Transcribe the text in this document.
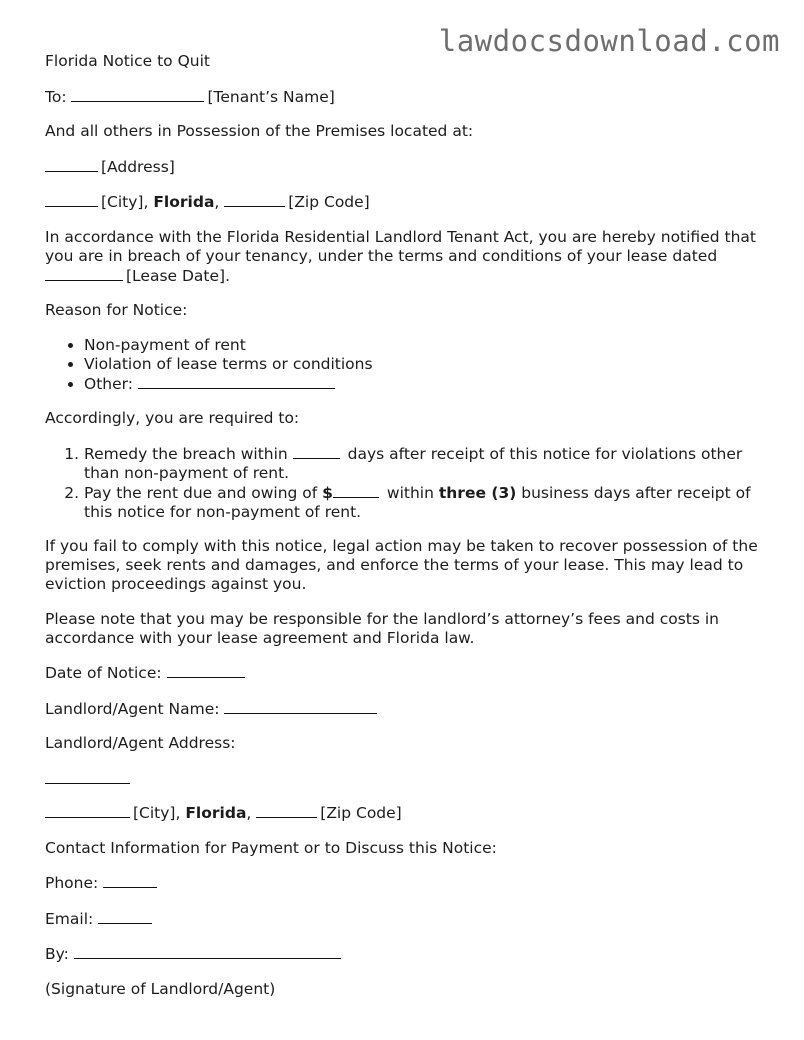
lawdocsdownload.com
Florida Notice to Quit
To:	[Tenant’s Name]
And all others in Possession of the Premises located at:
[Address]
[City], Florida,	[Zip Code]
In accordance with the Florida Residential Landlord Tenant Act, you are hereby notified that you are in breach of your tenancy, under the terms and conditions of your lease dated [Lease Date].
Reason for Notice:
• Non-payment of rent
• Violation of lease terms or conditions
• Other:
Accordingly, you are required to:
1. Remedy the breach within	days after receipt of this notice for violations other than non-payment of rent.
2. Pay the rent due and owing of $	within three (3) business days after receipt of this notice for non-payment of rent.
If you fail to comply with this notice, legal action may be taken to recover possession of the premises, seek rents and damages, and enforce the terms of your lease. This may lead to eviction proceedings against you.
Please note that you may be responsible for the landlord’s attorney’s fees and costs in accordance with your lease agreement and Florida law.
Date of Notice:
Landlord/Agent Name:
Landlord/Agent Address:
[City], Florida,	[Zip Code]
Contact Information for Payment or to Discuss this Notice:
Phone:
Email:
By:
(Signature of Landlord/Agent)
